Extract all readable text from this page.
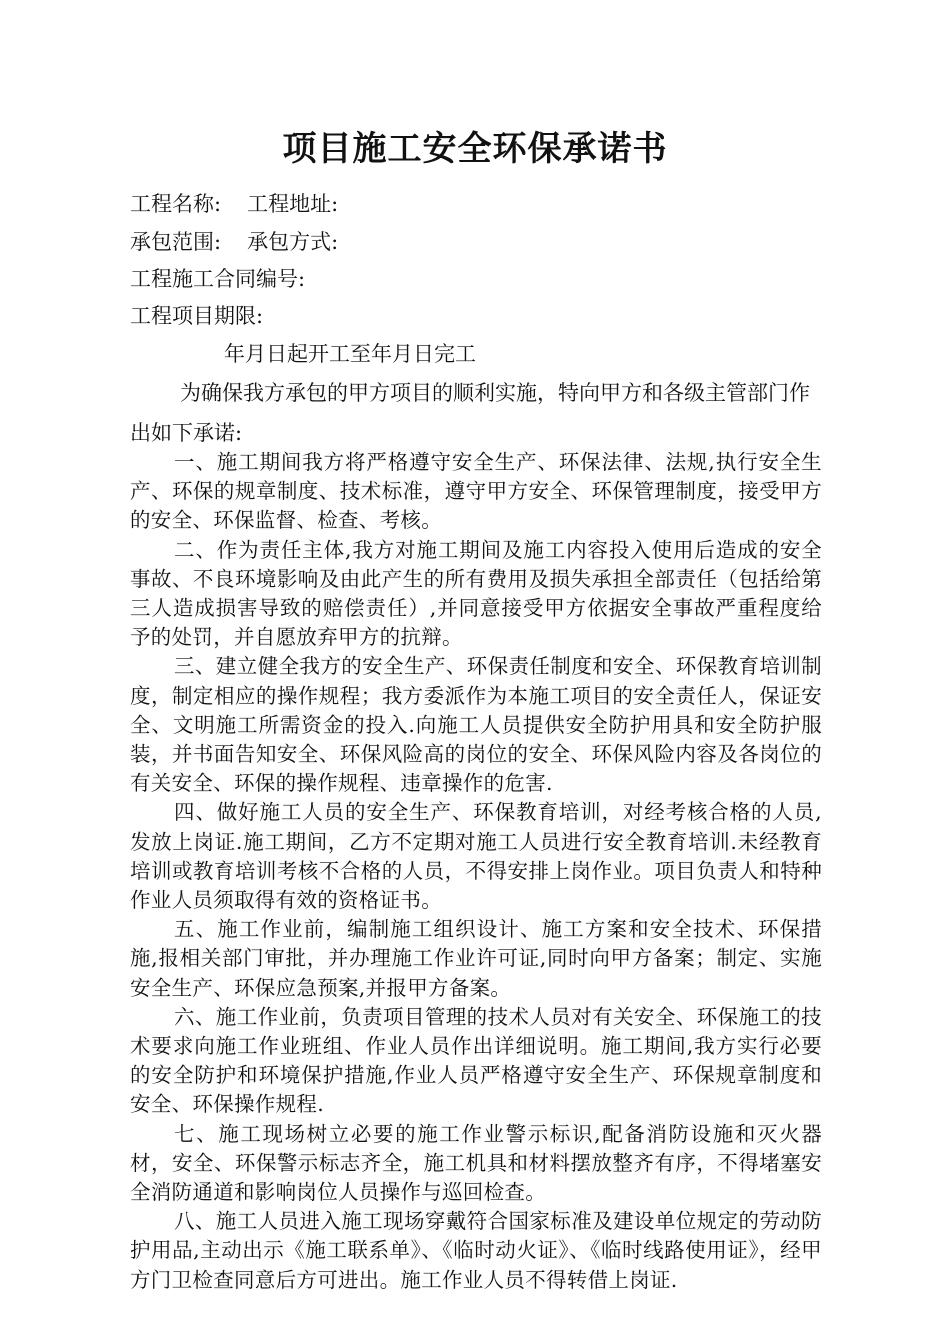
项目施工安全环保承诺书
工程名称: 工程地址:
承包范围: 承包方式:
工程施工合同编号:
工程项目期限:
年月日起开工至年月日完工
为确保我方承包的甲方项目的顺利实施，特向甲方和各级主管部门作出如下承诺:

一、施工期间我方将严格遵守安全生产、环保法律、法规,执行安全生产、环保的规章制度、技术标准，遵守甲方安全、环保管理制度，接受甲方的安全、环保监督、检查、考核。

二、作为责任主体,我方对施工期间及施工内容投入使用后造成的安全事故、不良环境影响及由此产生的所有费用及损失承担全部责任（包括给第三人造成损害导致的赔偿责任）,并同意接受甲方依据安全事故严重程度给予的处罚，并自愿放弃甲方的抗辩。

三、建立健全我方的安全生产、环保责任制度和安全、环保教育培训制度，制定相应的操作规程；我方委派作为本施工项目的安全责任人，保证安全、文明施工所需资金的投入.向施工人员提供安全防护用具和安全防护服装，并书面告知安全、环保风险高的岗位的安全、环保风险内容及各岗位的有关安全、环保的操作规程、违章操作的危害.

四、做好施工人员的安全生产、环保教育培训，对经考核合格的人员,发放上岗证.施工期间，乙方不定期对施工人员进行安全教育培训.未经教育培训或教育培训考核不合格的人员，不得安排上岗作业。项目负责人和特种作业人员须取得有效的资格证书。

五、施工作业前，编制施工组织设计、施工方案和安全技术、环保措施,报相关部门审批，并办理施工作业许可证,同时向甲方备案；制定、实施安全生产、环保应急预案,并报甲方备案。

六、施工作业前，负责项目管理的技术人员对有关安全、环保施工的技术要求向施工作业班组、作业人员作出详细说明。施工期间,我方实行必要的安全防护和环境保护措施,作业人员严格遵守安全生产、环保规章制度和安全、环保操作规程.

七、施工现场树立必要的施工作业警示标识,配备消防设施和灭火器材，安全、环保警示标志齐全，施工机具和材料摆放整齐有序，不得堵塞安全消防通道和影响岗位人员操作与巡回检查。

八、施工人员进入施工现场穿戴符合国家标准及建设单位规定的劳动防护用品,主动出示《施工联系单》、《临时动火证》、《临时线路使用证》，经甲方门卫检查同意后方可进出。施工作业人员不得转借上岗证.
